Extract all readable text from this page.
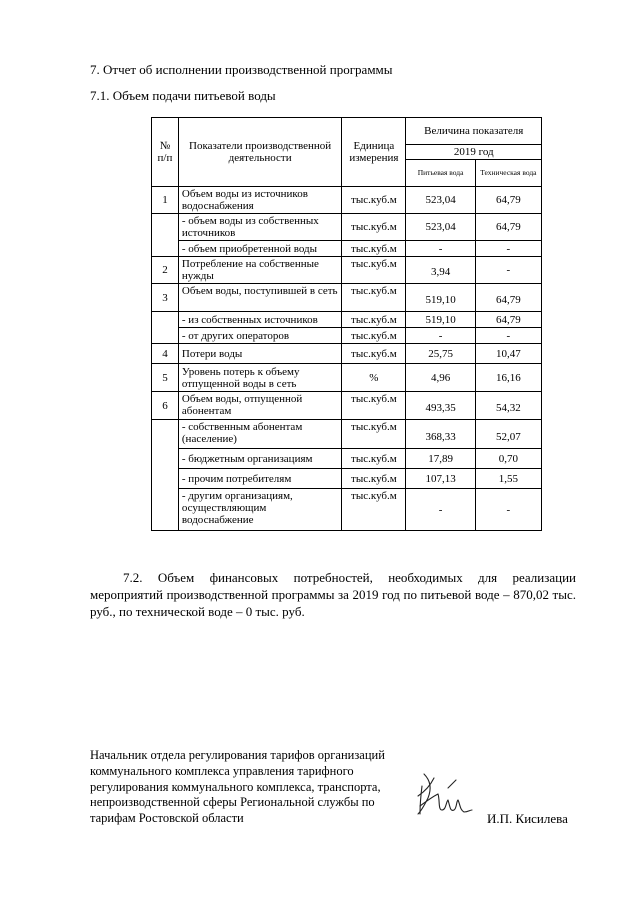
7. Отчет об исполнении производственной программы
7.1. Объем подачи питьевой воды
№ п/п	Показатели производственной деятельности	Единица измерения	Величина показателя	
			2019 год	
			Питьевая вода	Техническая вода
1	Объем воды из источников водоснабжения	тыс.куб.м	523,04	64,79
	- объем воды из собственных источников	тыс.куб.м	523,04	64,79
	- объем приобретенной воды	тыс.куб.м	-	-
2	Потребление на собственные нужды	тыс.куб.м	3,94	-
3	Объем воды, поступившей в сеть	тыс.куб.м	519,10	64,79
	- из собственных источников	тыс.куб.м	519,10	64,79
	- от других операторов	тыс.куб.м	-	-
4	Потери воды	тыс.куб.м	25,75	10,47
5	Уровень потерь к объему отпущенной воды в сеть	%	4,96	16,16
6	Объем воды, отпущенной абонентам	тыс.куб.м	493,35	54,32
	- собственным абонентам (население)	тыс.куб.м	368,33	52,07
	- бюджетным организациям	тыс.куб.м	17,89	0,70
	- прочим потребителям	тыс.куб.м	107,13	1,55
	- другим организациям, осуществляющим водоснабжение	тыс.куб.м	-	-
7.2. Объем финансовых потребностей, необходимых для реализации мероприятий производственной программы за 2019 год по питьевой воде – 870,02 тыс. руб., по технической воде – 0 тыс. руб.
Начальник отдела регулирования тарифов организаций
коммунального комплекса управления тарифного
регулирования коммунального комплекса, транспорта,
непроизводственной сферы Региональной службы по
тарифам Ростовской области	И.П. Кисилева
